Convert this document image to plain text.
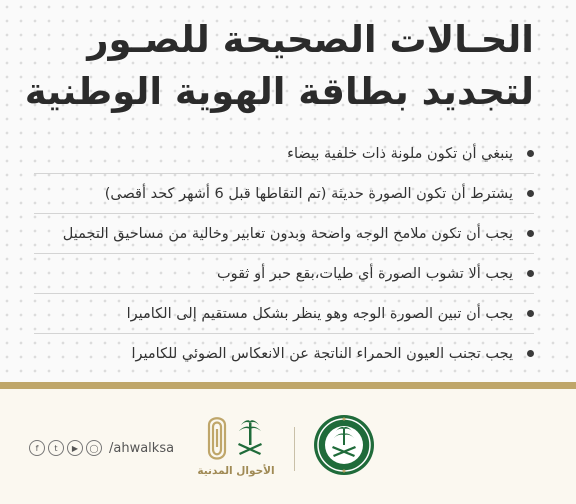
الحـالات الصحيحة للصـور
لتجديد بطاقة الهوية الوطنية
ينبغي أن تكون ملونة ذات خلفية بيضاء
يشترط أن تكون الصورة حديثة (تم التقاطها قبل 6 أشهر كحد أقصى)
يجب أن تكون ملامح الوجه واضحة وبدون تعابير وخالية من مساحيق التجميل
يجب ألا تشوب الصورة أي طيات،بقع حبر أو ثقوب
يجب أن تبين الصورة الوجه وهو ينظر بشكل مستقيم إلى الكاميرا
يجب تجنب العيون الحمراء الناتجة عن الانعكاس الضوئي للكاميرا
f	t	▶	◯ /ahwalksa
الأحوال المدنية
